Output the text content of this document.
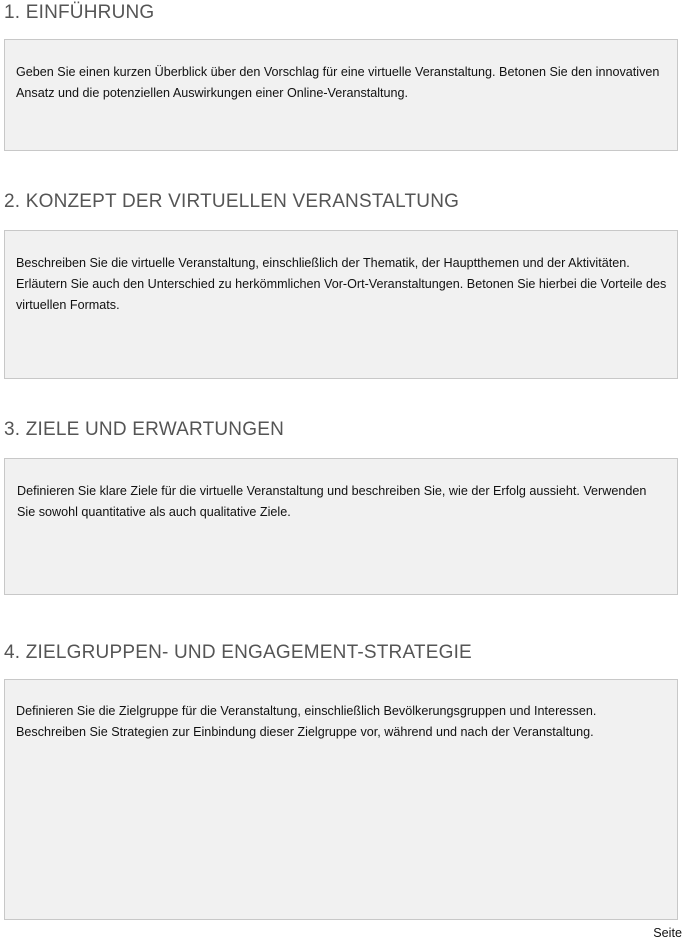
1. EINFÜHRUNG

Geben Sie einen kurzen Überblick über den Vorschlag für eine virtuelle Veranstaltung. Betonen Sie den innovativen Ansatz und die potenziellen Auswirkungen einer Online-Veranstaltung.

2. KONZEPT DER VIRTUELLEN VERANSTALTUNG

Beschreiben Sie die virtuelle Veranstaltung, einschließlich der Thematik, der Hauptthemen und der Aktivitäten. Erläutern Sie auch den Unterschied zu herkömmlichen Vor-Ort-Veranstaltungen. Betonen Sie hierbei die Vorteile des virtuellen Formats.

3. ZIELE UND ERWARTUNGEN

Definieren Sie klare Ziele für die virtuelle Veranstaltung und beschreiben Sie, wie der Erfolg aussieht. Verwenden Sie sowohl quantitative als auch qualitative Ziele.

4. ZIELGRUPPEN- UND ENGAGEMENT-STRATEGIE

Definieren Sie die Zielgruppe für die Veranstaltung, einschließlich Bevölkerungsgruppen und Interessen. Beschreiben Sie Strategien zur Einbindung dieser Zielgruppe vor, während und nach der Veranstaltung.

Seite
